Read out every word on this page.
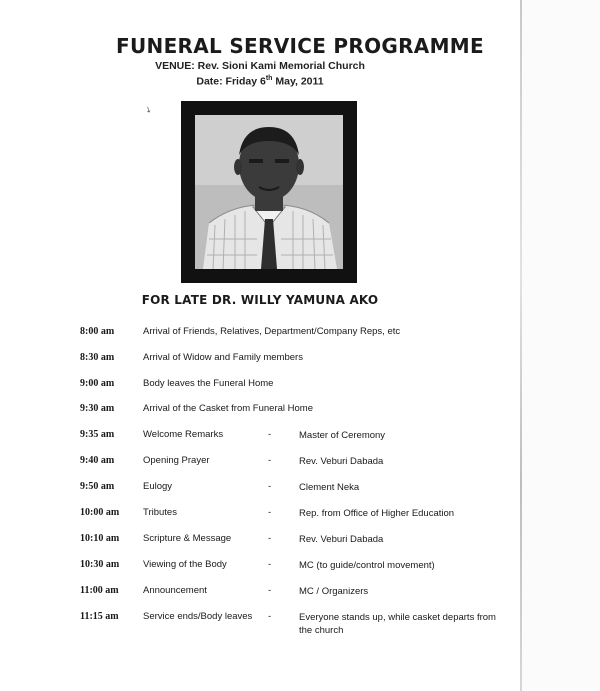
FUNERAL SERVICE PROGRAMME
VENUE: Rev. Sioni Kami Memorial Church
Date: Friday 6th May, 2011
↘
FOR LATE DR. WILLY YAMUNA AKO
8:00 am	Arrival of Friends, Relatives, Department/Company Reps, etc
8:30 am	Arrival of Widow and Family members
9:00 am	Body leaves the Funeral Home
9:30 am	Arrival of the Casket from Funeral Home
9:35 am	Welcome Remarks	-	Master of Ceremony
9:40 am	Opening Prayer	-	Rev. Veburi Dabada
9:50 am	Eulogy	-	Clement Neka
10:00 am	Tributes	-	Rep. from Office of Higher Education
10:10 am	Scripture & Message	-	Rev. Veburi Dabada
10:30 am	Viewing of the Body	-	MC (to guide/control movement)
11:00 am	Announcement	-	MC / Organizers
11:15 am	Service ends/Body leaves -	Everyone stands up, while casket departs from the church
